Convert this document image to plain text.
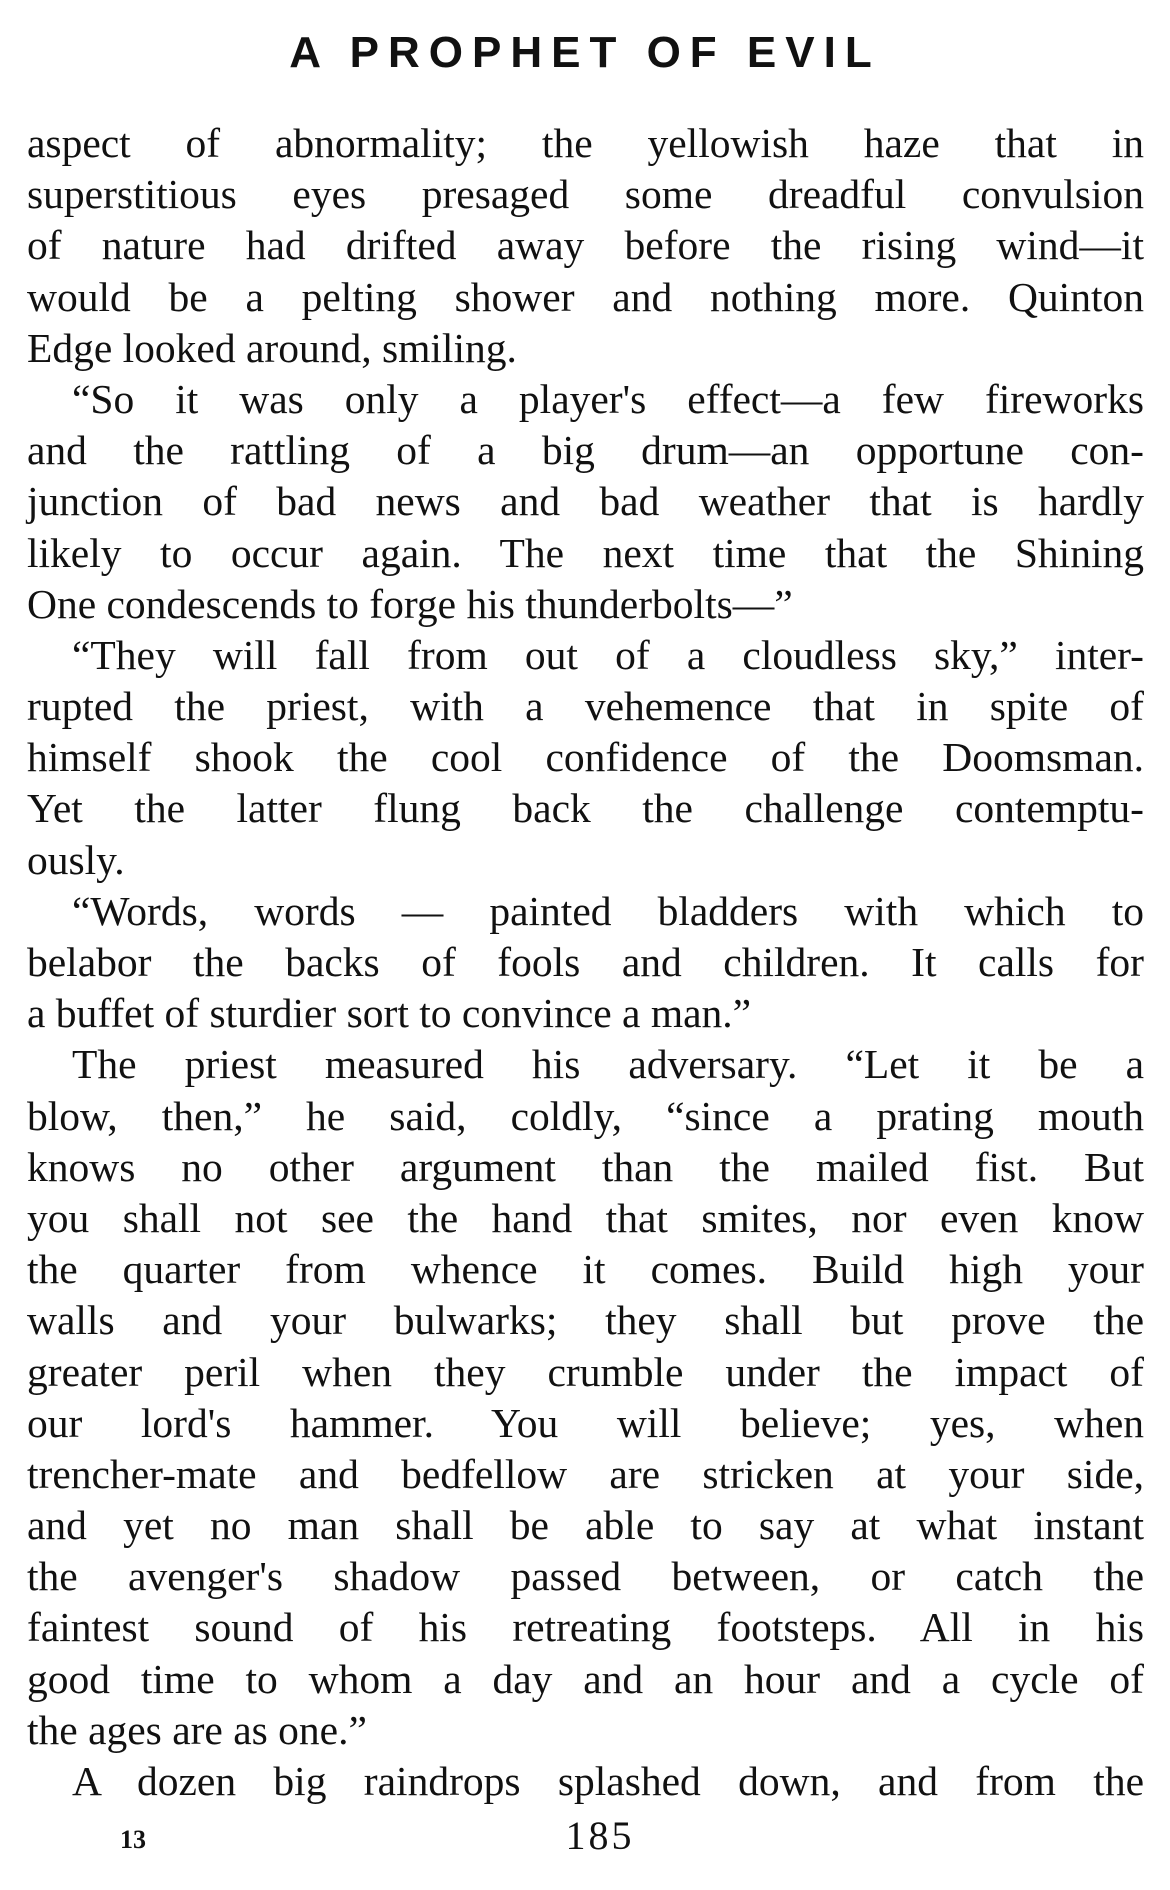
A PROPHET OF EVIL
aspect of abnormality; the yellowish haze that in
superstitious eyes presaged some dreadful convulsion
of nature had drifted away before the rising wind—it
would be a pelting shower and nothing more. Quinton
Edge looked around, smiling.
“So it was only a player's effect—a few fireworks
and the rattling of a big drum—an opportune con-
junction of bad news and bad weather that is hardly
likely to occur again. The next time that the Shining
One condescends to forge his thunderbolts—”
“They will fall from out of a cloudless sky,” inter-
rupted the priest, with a vehemence that in spite of
himself shook the cool confidence of the Doomsman.
Yet the latter flung back the challenge contemptu-
ously.
“Words, words — painted bladders with which to
belabor the backs of fools and children. It calls for
a buffet of sturdier sort to convince a man.”
The priest measured his adversary. “Let it be a
blow, then,” he said, coldly, “since a prating mouth
knows no other argument than the mailed fist. But
you shall not see the hand that smites, nor even know
the quarter from whence it comes. Build high your
walls and your bulwarks; they shall but prove the
greater peril when they crumble under the impact of
our lord's hammer. You will believe; yes, when
trencher-mate and bedfellow are stricken at your side,
and yet no man shall be able to say at what instant
the avenger's shadow passed between, or catch the
faintest sound of his retreating footsteps. All in his
good time to whom a day and an hour and a cycle of
the ages are as one.”
A dozen big raindrops splashed down, and from the
13	185
